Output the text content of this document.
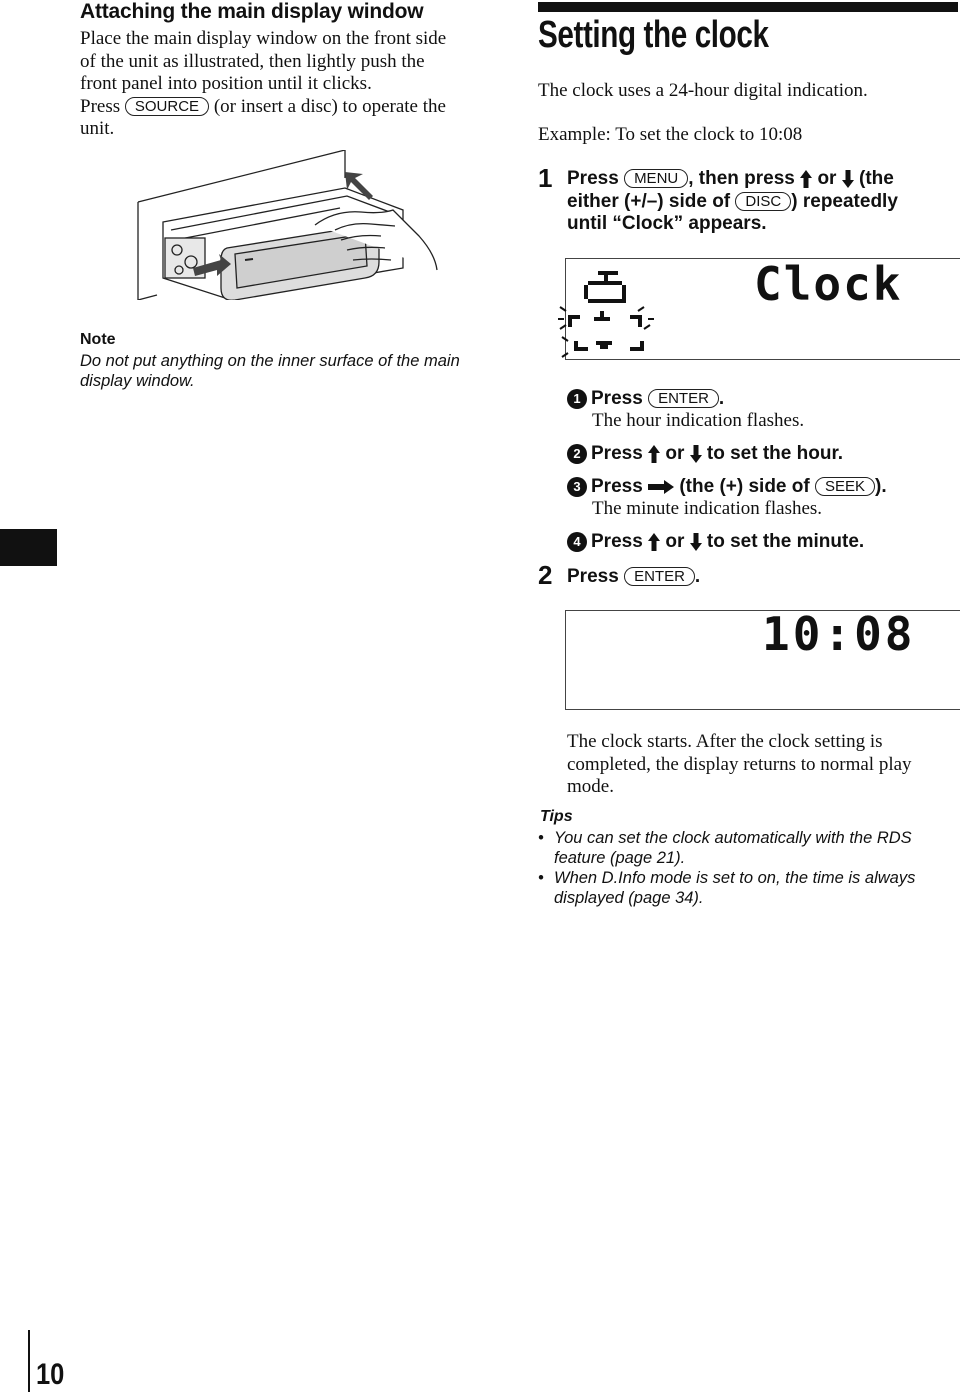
Attaching the main display window
Place the main display window on the front side
of the unit as illustrated, then lightly push the
front panel into position until it clicks.
Press SOURCE (or insert a disc) to operate the
unit.
Note
Do not put anything on the inner surface of the main display window.
Setting the clock
The clock uses a 24-hour digital indication.
Example: To set the clock to 10:08
1 Press MENU , then press or (the
either (+/–) side of DISC ) repeatedly
until “Clock” appears.
Clock
1 Press ENTER .
The hour indication flashes.
2 Press or to set the hour.
3 Press (the (+) side of SEEK ).
The minute indication flashes.
4 Press or to set the minute.
2 Press ENTER .
10:08
The clock starts. After the clock setting is completed, the display returns to normal play mode.
Tips
• You can set the clock automatically with the RDS feature (page 21).
• When D.Info mode is set to on, the time is always displayed (page 34).
10
